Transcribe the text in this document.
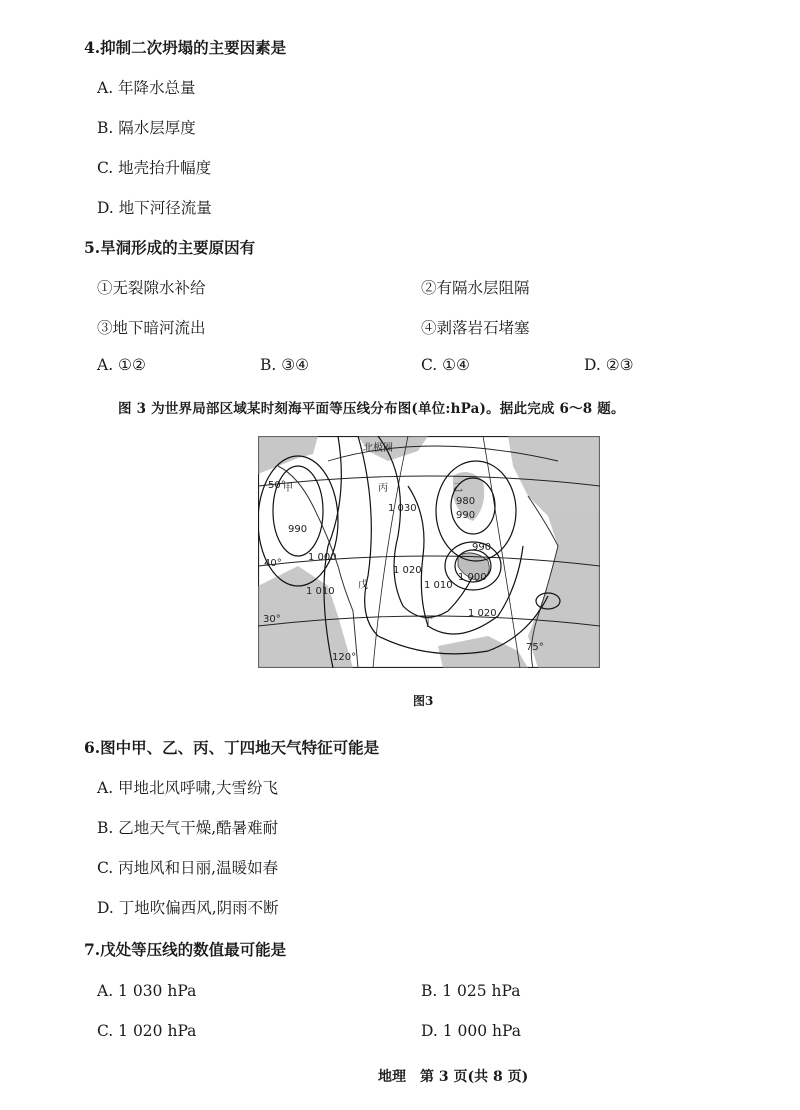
4.抑制二次坍塌的主要因素是
A. 年降水总量
B. 隔水层厚度
C. 地壳抬升幅度
D. 地下河径流量
5.旱洞形成的主要原因有
①无裂隙水补给	②有隔水层阻隔
③地下暗河流出	④剥落岩石堵塞
A. ①②	B. ③④	C. ①④	D. ②③
图 3 为世界局部区域某时刻海平面等压线分布图(单位:hPa)。据此完成 6～8 题。
北极圈
50°
甲
990
1 000
40°
1 010
30°
120°
丙
1 030
乙
980
990
990
1 000
1 020
戊	1 010
1 020
丁
75°
图3
6.图中甲、乙、丙、丁四地天气特征可能是
A. 甲地北风呼啸,大雪纷飞
B. 乙地天气干燥,酷暑难耐
C. 丙地风和日丽,温暖如春
D. 丁地吹偏西风,阴雨不断
7.戊处等压线的数值最可能是
A. 1 030 hPa	B. 1 025 hPa
C. 1 020 hPa	D. 1 000 hPa
地理　第 3 页(共 8 页)
